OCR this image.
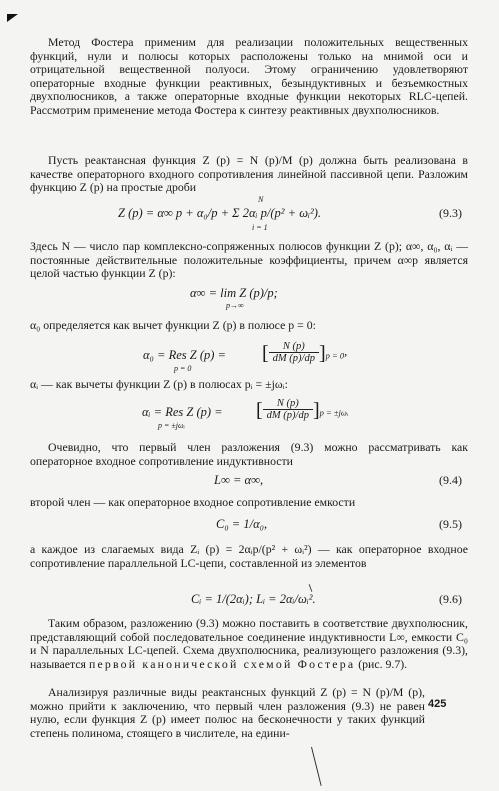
Метод Фостера применим для реализации положительных вещественных функций, нули и полюсы которых расположены только на мнимой оси и отрицательной вещественной полуоси. Этому ограничению удовлетворяют операторные входные функции реактивных, безындуктивных и безъемкостных двухполюсников, а также операторные входные функции некоторых RLC-цепей. Рассмотрим применение метода Фостера к синтезу реактивных двухполюсников.

Пусть реактансная функция Z (p) = N (p)/M (p) должна быть реализована в качестве операторного входного сопротивления линейной пассивной цепи. Разложим функцию Z (p) на простые дроби

N
i = 1
Z (p) = α∞ p + α₀/p + Σ 2αᵢ p/(p² + ωᵢ²).	(9.3)

Здесь N — число пар комплексно-сопряженных полюсов функции Z (p); α∞, α₀, αᵢ — постоянные действительные положительные коэффициенты, причем α∞p является целой частью функции Z (p):

α∞ = lim Z (p)/p;
p→∞

α₀ определяется как вычет функции Z (p) в полюсе p = 0:

α₀ = Res Z (p) =
p = 0
[ $\frac{N (p)}{dM (p)/dp} ]_{p = 0}$,

αᵢ — как вычеты функции Z (p) в полюсах pᵢ = ±jωᵢ:

αᵢ = Res Z (p) =
p = ±jωᵢ
[ $\frac{N (p)}{dM (p)/dp} ]_{p = \pm j\omega ᵢ}$

Очевидно, что первый член разложения (9.3) можно рассматривать как операторное входное сопротивление индуктивности

L∞ = α∞,	(9.4)

второй член — как операторное входное сопротивление емкости

C₀ = 1/α₀,	(9.5)

а каждое из слагаемых вида Zᵢ (p) = 2αᵢp/(p² + ωᵢ²) — как операторное входное сопротивление параллельной LC-цепи, составленной из элементов

Cᵢ = 1/(2αᵢ); Lᵢ = 2αᵢ/ωᵢ².	(9.6)

Таким образом, разложению (9.3) можно поставить в соответствие двухполюсник, представляющий собой последовательное соединение индуктивности L∞, емкости C₀ и N параллельных LC-цепей. Схема двухполюсника, реализующего разложения (9.3), называется первой канонической схемой Фостера (рис. 9.7).

Анализируя различные виды реактансных функций Z (p) = N (p)/M (p), можно прийти к заключению, что первый член разложения (9.3) не равен нулю, если функция Z (p) имеет полюс на бесконечности у таких функций степень полинома, стоящего в числителе, на едини-

425
